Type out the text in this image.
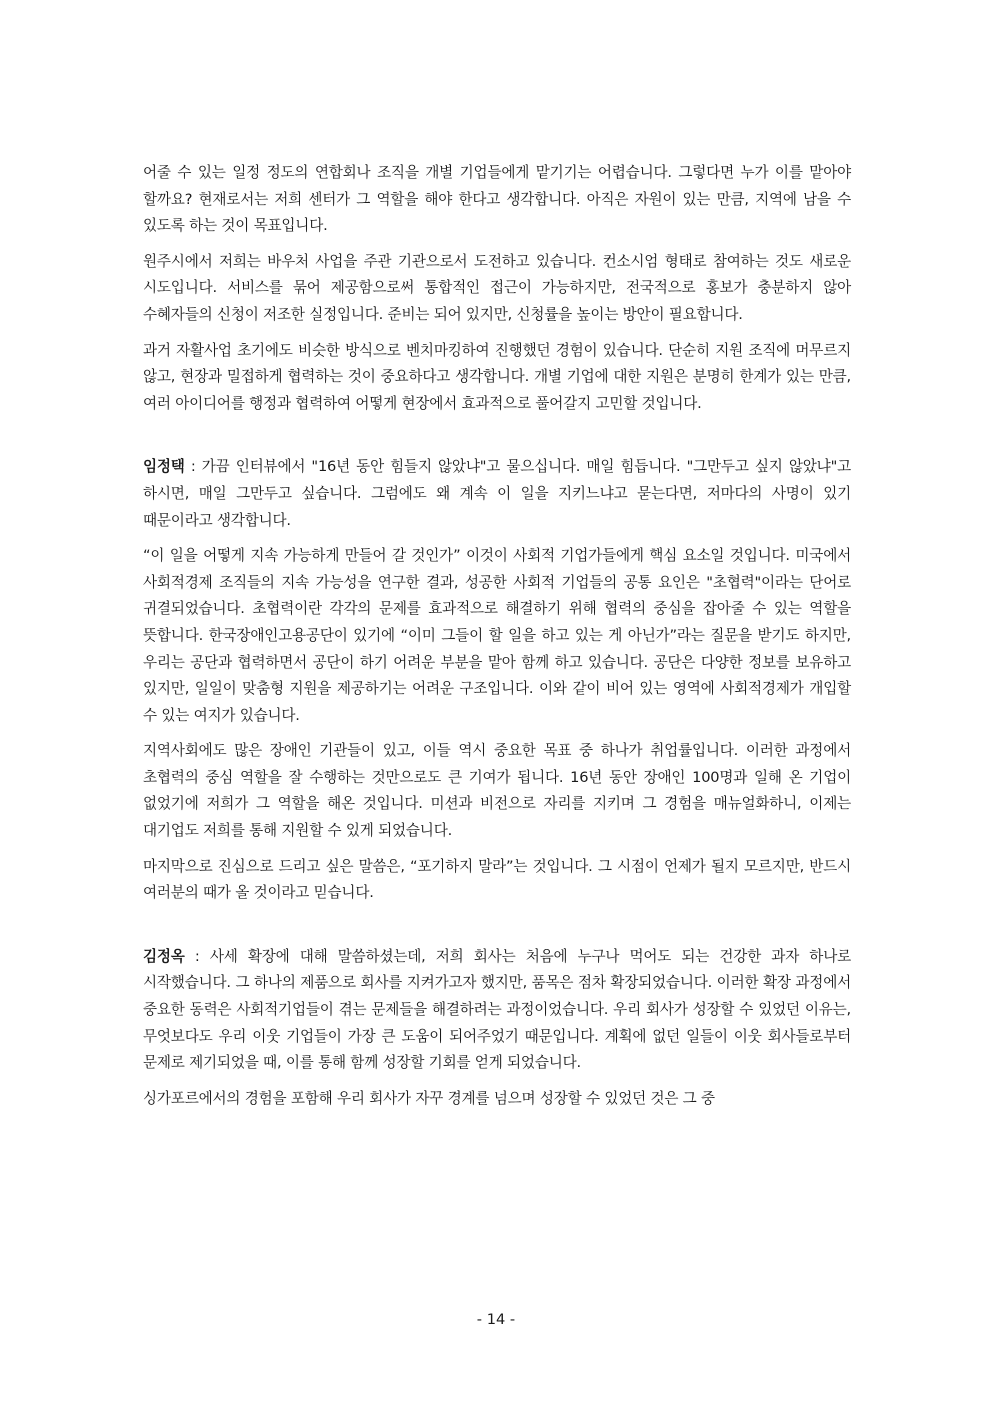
어줄 수 있는 일정 정도의 연합회나 조직을 개별 기업들에게 맡기기는 어렵습니다. 그렇다면 누가 이를 맡아야 할까요? 현재로서는 저희 센터가 그 역할을 해야 한다고 생각합니다. 아직은 자원이 있는 만큼, 지역에 남을 수 있도록 하는 것이 목표입니다.

원주시에서 저희는 바우처 사업을 주관 기관으로서 도전하고 있습니다. 컨소시엄 형태로 참여하는 것도 새로운 시도입니다. 서비스를 묶어 제공함으로써 통합적인 접근이 가능하지만, 전국적으로 홍보가 충분하지 않아 수혜자들의 신청이 저조한 실정입니다. 준비는 되어 있지만, 신청률을 높이는 방안이 필요합니다.

과거 자활사업 초기에도 비슷한 방식으로 벤치마킹하여 진행했던 경험이 있습니다. 단순히 지원 조직에 머무르지 않고, 현장과 밀접하게 협력하는 것이 중요하다고 생각합니다. 개별 기업에 대한 지원은 분명히 한계가 있는 만큼, 여러 아이디어를 행정과 협력하여 어떻게 현장에서 효과적으로 풀어갈지 고민할 것입니다.

임정택 : 가끔 인터뷰에서 "16년 동안 힘들지 않았냐"고 물으십니다. 매일 힘듭니다. "그만두고 싶지 않았냐"고 하시면, 매일 그만두고 싶습니다. 그럼에도 왜 계속 이 일을 지키느냐고 묻는다면, 저마다의 사명이 있기 때문이라고 생각합니다.

“이 일을 어떻게 지속 가능하게 만들어 갈 것인가” 이것이 사회적 기업가들에게 핵심 요소일 것입니다. 미국에서 사회적경제 조직들의 지속 가능성을 연구한 결과, 성공한 사회적 기업들의 공통 요인은 "초협력"이라는 단어로 귀결되었습니다. 초협력이란 각각의 문제를 효과적으로 해결하기 위해 협력의 중심을 잡아줄 수 있는 역할을 뜻합니다. 한국장애인고용공단이 있기에 “이미 그들이 할 일을 하고 있는 게 아닌가”라는 질문을 받기도 하지만, 우리는 공단과 협력하면서 공단이 하기 어려운 부분을 맡아 함께 하고 있습니다. 공단은 다양한 정보를 보유하고 있지만, 일일이 맞춤형 지원을 제공하기는 어려운 구조입니다. 이와 같이 비어 있는 영역에 사회적경제가 개입할 수 있는 여지가 있습니다.

지역사회에도 많은 장애인 기관들이 있고, 이들 역시 중요한 목표 중 하나가 취업률입니다. 이러한 과정에서 초협력의 중심 역할을 잘 수행하는 것만으로도 큰 기여가 됩니다. 16년 동안 장애인 100명과 일해 온 기업이 없었기에 저희가 그 역할을 해온 것입니다. 미션과 비전으로 자리를 지키며 그 경험을 매뉴얼화하니, 이제는 대기업도 저희를 통해 지원할 수 있게 되었습니다.

마지막으로 진심으로 드리고 싶은 말씀은, “포기하지 말라”는 것입니다. 그 시점이 언제가 될지 모르지만, 반드시 여러분의 때가 올 것이라고 믿습니다.

김정옥 : 사세 확장에 대해 말씀하셨는데, 저희 회사는 처음에 누구나 먹어도 되는 건강한 과자 하나로 시작했습니다. 그 하나의 제품으로 회사를 지켜가고자 했지만, 품목은 점차 확장되었습니다. 이러한 확장 과정에서 중요한 동력은 사회적기업들이 겪는 문제들을 해결하려는 과정이었습니다. 우리 회사가 성장할 수 있었던 이유는, 무엇보다도 우리 이웃 기업들이 가장 큰 도움이 되어주었기 때문입니다. 계획에 없던 일들이 이웃 회사들로부터 문제로 제기되었을 때, 이를 통해 함께 성장할 기회를 얻게 되었습니다.

싱가포르에서의 경험을 포함해 우리 회사가 자꾸 경계를 넘으며 성장할 수 있었던 것은 그 중

- 14 -
